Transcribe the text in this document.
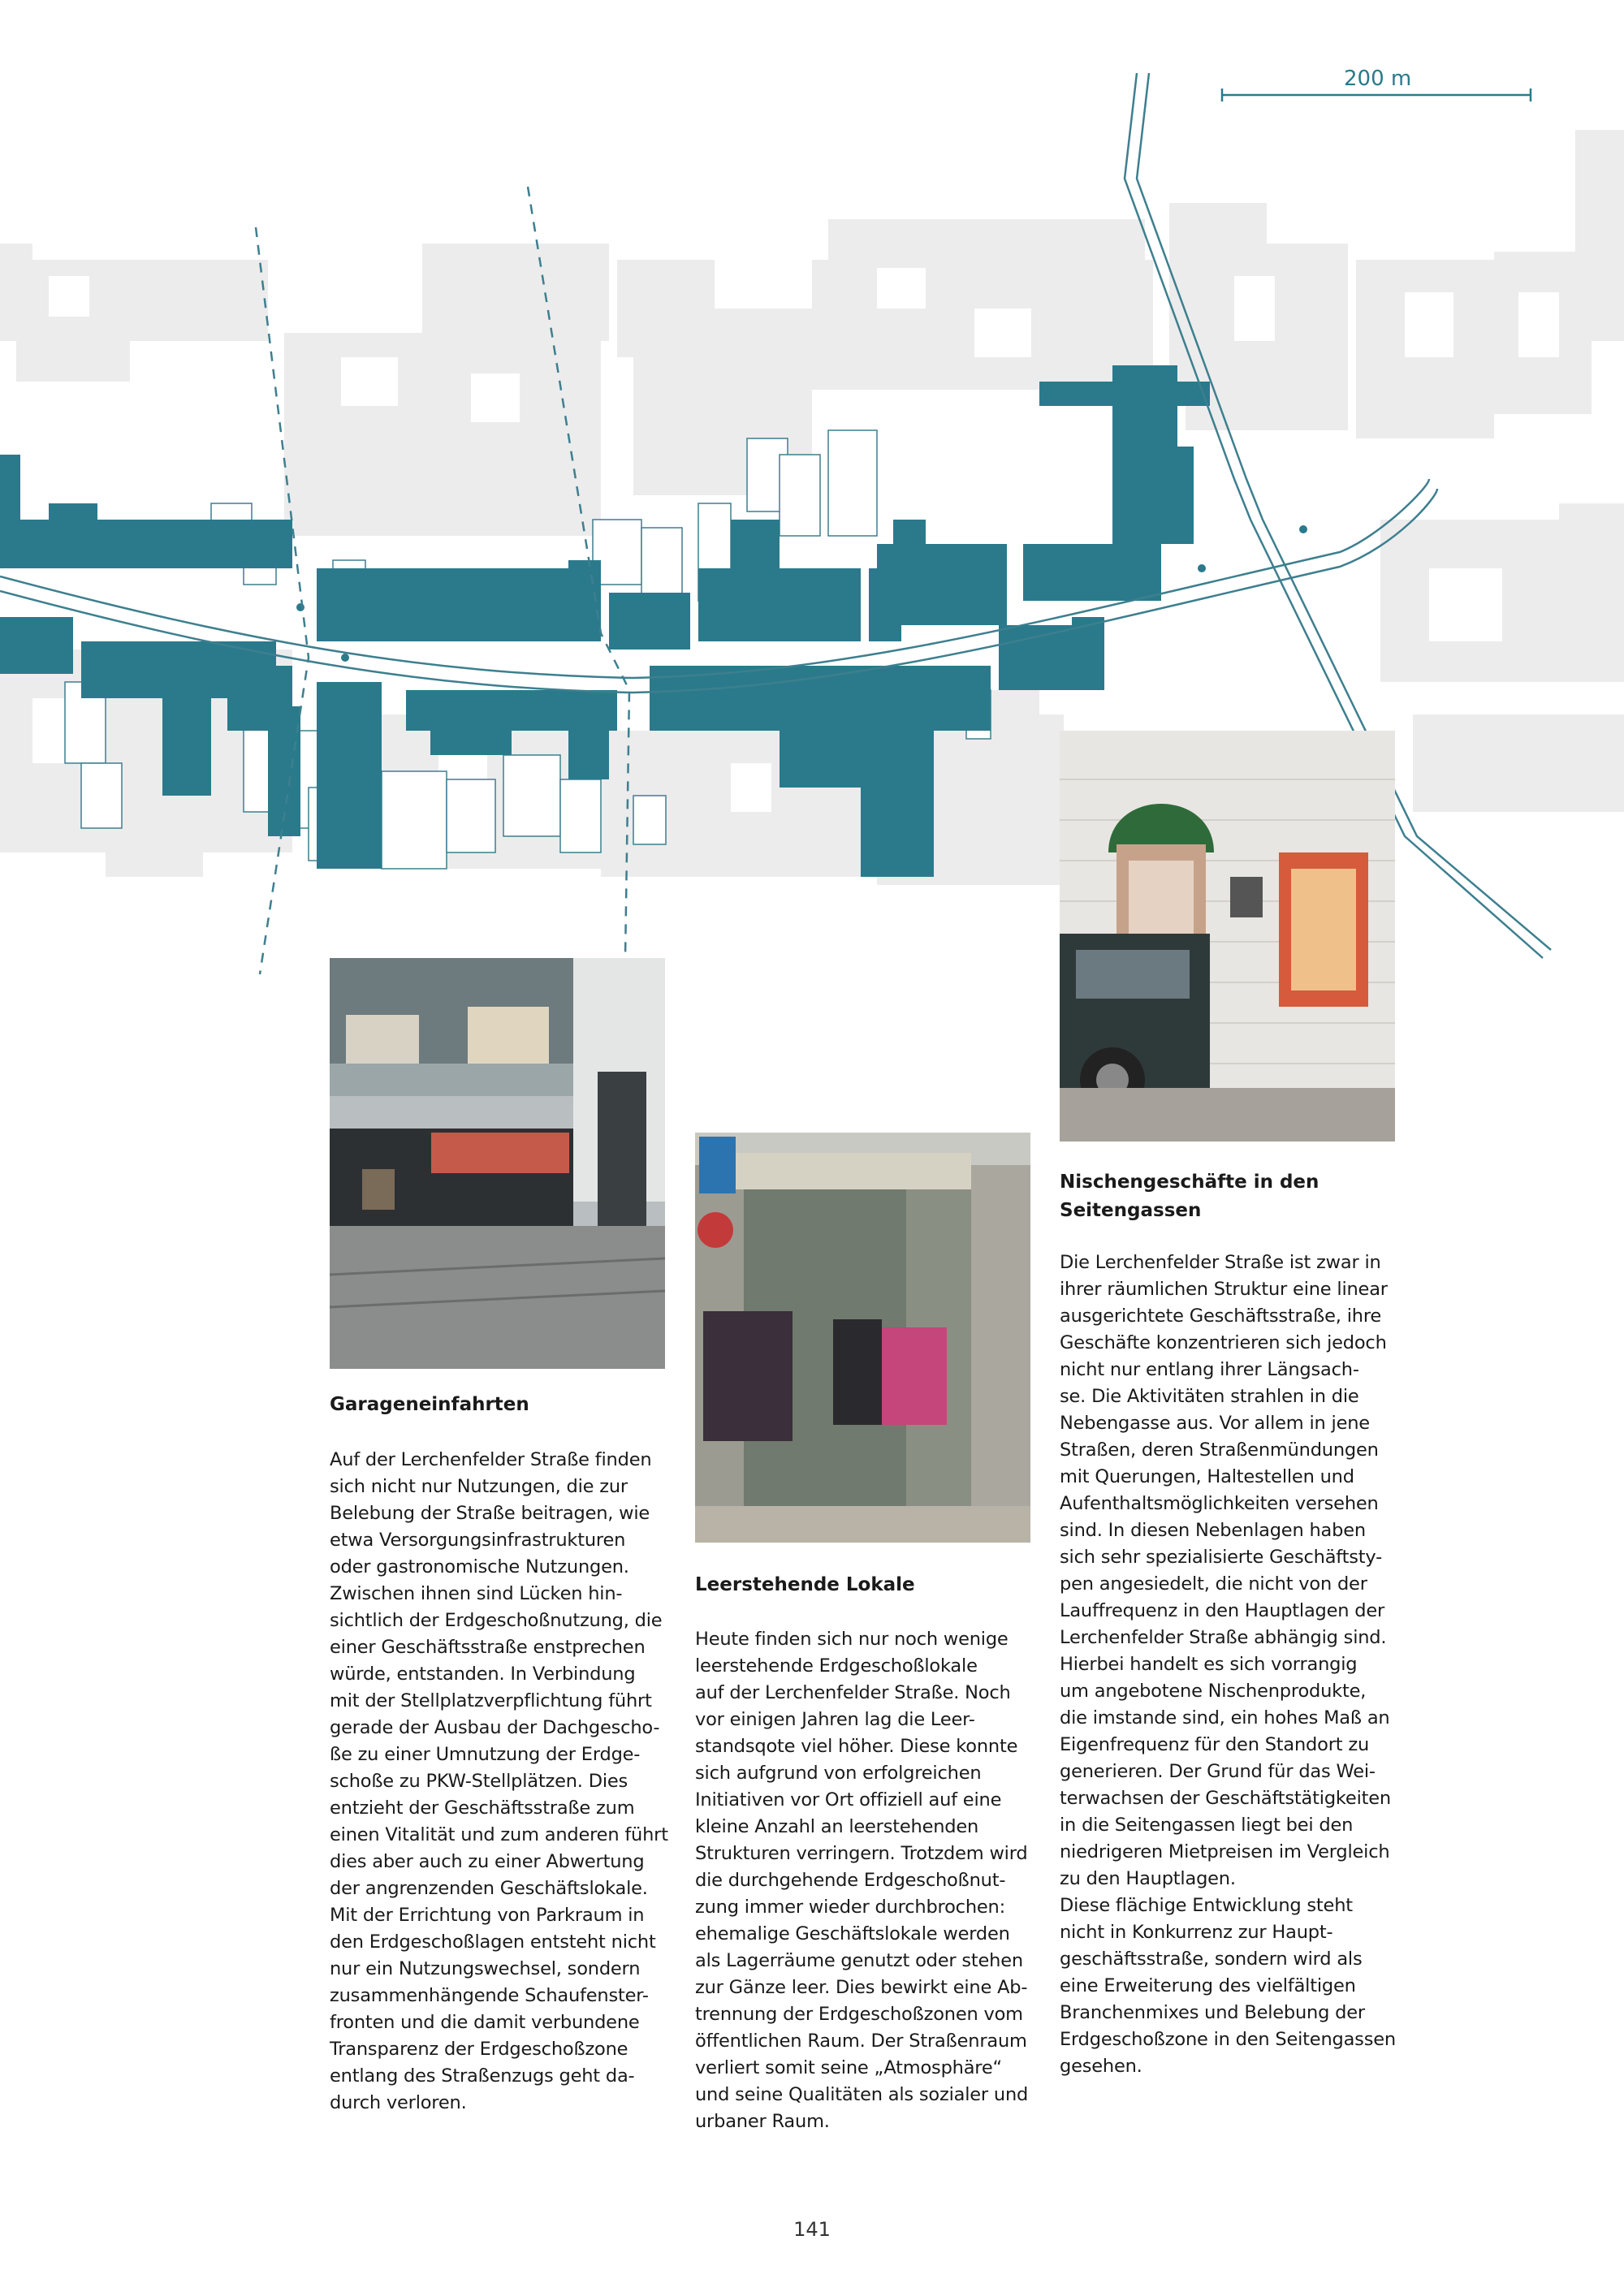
200 m
Garageneinfahrten

Auf der Lerchenfelder Straße finden
sich nicht nur Nutzungen, die zur
Belebung der Straße beitragen, wie
etwa Versorgungsinfrastrukturen
oder gastronomische Nutzungen.
Zwischen ihnen sind Lücken hin-
sichtlich der Erdgeschoßnutzung, die
einer Geschäftsstraße enstprechen
würde, entstanden. In Verbindung
mit der Stellplatzverpflichtung führt
gerade der Ausbau der Dachgescho-
ße zu einer Umnutzung der Erdge-
schoße zu PKW-Stellplätzen. Dies
entzieht der Geschäftsstraße zum
einen Vitalität und zum anderen führt
dies aber auch zu einer Abwertung
der angrenzenden Geschäftslokale.
Mit der Errichtung von Parkraum in
den Erdgeschoßlagen entsteht nicht
nur ein Nutzungswechsel, sondern
zusammenhängende Schaufenster-
fronten und die damit verbundene
Transparenz der Erdgeschoßzone
entlang des Straßenzugs geht da-
durch verloren.

Leerstehende Lokale

Heute finden sich nur noch wenige
leerstehende Erdgeschoßlokale
auf der Lerchenfelder Straße. Noch
vor einigen Jahren lag die Leer-
standsqote viel höher. Diese konnte
sich aufgrund von erfolgreichen
Initiativen vor Ort offiziell auf eine
kleine Anzahl an leerstehenden
Strukturen verringern. Trotzdem wird
die durchgehende Erdgeschoßnut-
zung immer wieder durchbrochen:
ehemalige Geschäftslokale werden
als Lagerräume genutzt oder stehen
zur Gänze leer. Dies bewirkt eine Ab-
trennung der Erdgeschoßzonen vom
öffentlichen Raum. Der Straßenraum
verliert somit seine „Atmosphäre“
und seine Qualitäten als sozialer und
urbaner Raum.

Nischengeschäfte in den
Seitengassen

Die Lerchenfelder Straße ist zwar in
ihrer räumlichen Struktur eine linear
ausgerichtete Geschäftsstraße, ihre
Geschäfte konzentrieren sich jedoch
nicht nur entlang ihrer Längsach-
se. Die Aktivitäten strahlen in die
Nebengasse aus. Vor allem in jene
Straßen, deren Straßenmündungen
mit Querungen, Haltestellen und
Aufenthaltsmöglichkeiten versehen
sind. In diesen Nebenlagen haben
sich sehr spezialisierte Geschäftsty-
pen angesiedelt, die nicht von der
Lauffrequenz in den Hauptlagen der
Lerchenfelder Straße abhängig sind.
Hierbei handelt es sich vorrangig
um angebotene Nischenprodukte,
die imstande sind, ein hohes Maß an
Eigenfrequenz für den Standort zu
generieren. Der Grund für das Wei-
terwachsen der Geschäftstätigkeiten
in die Seitengassen liegt bei den
niedrigeren Mietpreisen im Vergleich
zu den Hauptlagen.
Diese flächige Entwicklung steht
nicht in Konkurrenz zur Haupt-
geschäftsstraße, sondern wird als
eine Erweiterung des vielfältigen
Branchenmixes und Belebung der
Erdgeschoßzone in den Seitengassen
gesehen.

141
